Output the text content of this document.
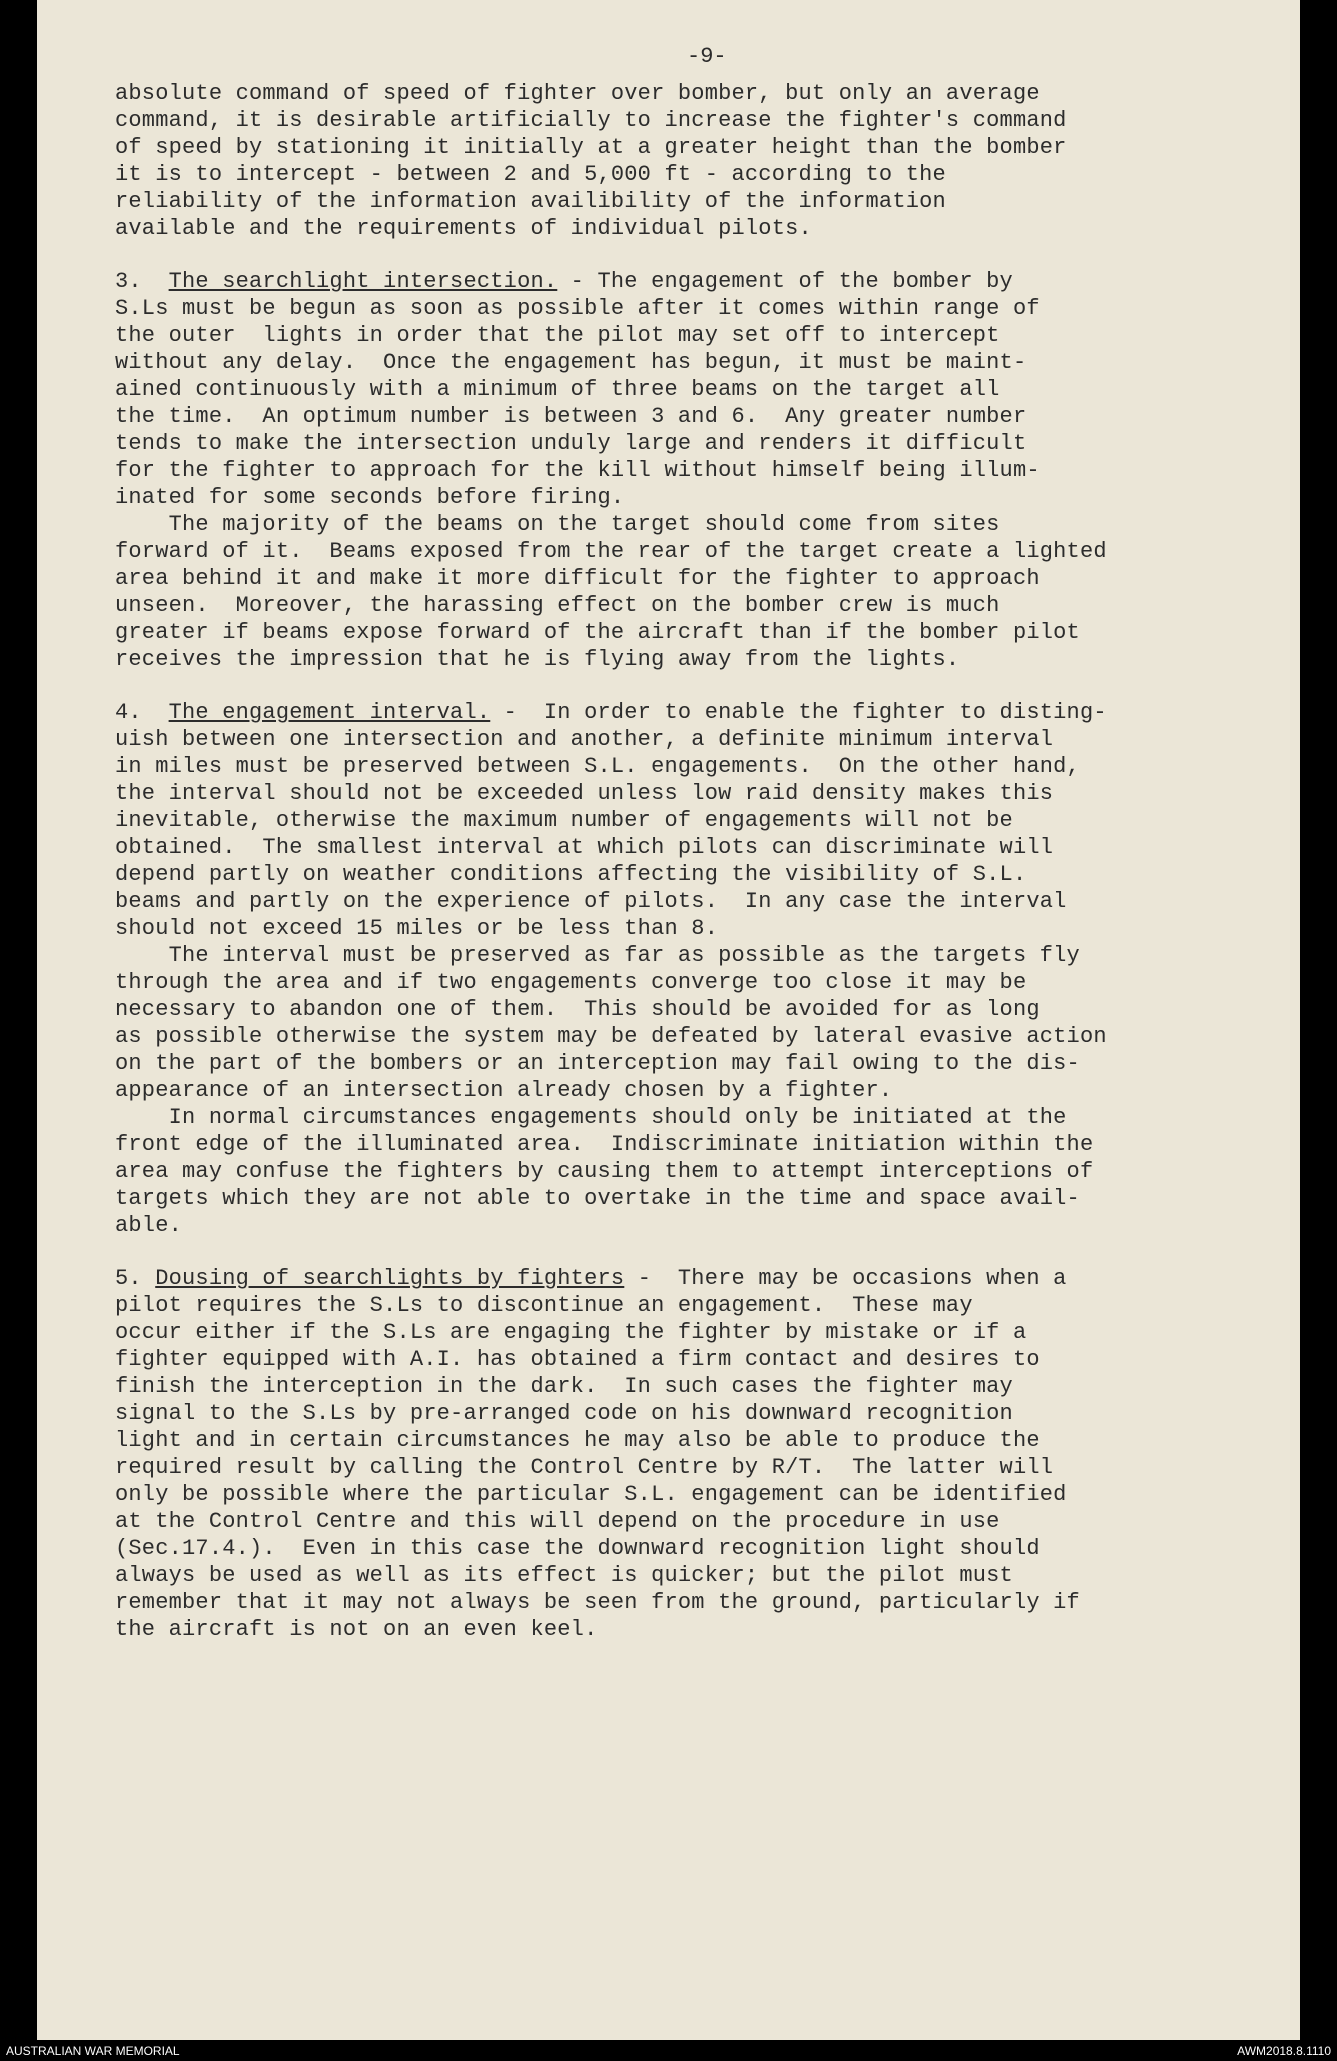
-9-
absolute command of speed of fighter over bomber, but only an average
command, it is desirable artificially to increase the fighter's command
of speed by stationing it initially at a greater height than the bomber
it is to intercept - between 2 and 5,000 ft - according to the
reliability of the information availibility of the information
available and the requirements of individual pilots.
3.  The searchlight intersection. - The engagement of the bomber by
S.Ls must be begun as soon as possible after it comes within range of
the outer  lights in order that the pilot may set off to intercept
without any delay.  Once the engagement has begun, it must be maint-
ained continuously with a minimum of three beams on the target all
the time.  An optimum number is between 3 and 6.  Any greater number
tends to make the intersection unduly large and renders it difficult
for the fighter to approach for the kill without himself being illum-
inated for some seconds before firing.
The majority of the beams on the target should come from sites
forward of it.  Beams exposed from the rear of the target create a lighted
area behind it and make it more difficult for the fighter to approach
unseen.  Moreover, the harassing effect on the bomber crew is much
greater if beams expose forward of the aircraft than if the bomber pilot
receives the impression that he is flying away from the lights.
4.  The engagement interval. -  In order to enable the fighter to disting-
uish between one intersection and another, a definite minimum interval
in miles must be preserved between S.L. engagements.  On the other hand,
the interval should not be exceeded unless low raid density makes this
inevitable, otherwise the maximum number of engagements will not be
obtained.  The smallest interval at which pilots can discriminate will
depend partly on weather conditions affecting the visibility of S.L.
beams and partly on the experience of pilots.  In any case the interval
should not exceed 15 miles or be less than 8.
The interval must be preserved as far as possible as the targets fly
through the area and if two engagements converge too close it may be
necessary to abandon one of them.  This should be avoided for as long
as possible otherwise the system may be defeated by lateral evasive action
on the part of the bombers or an interception may fail owing to the dis-
appearance of an intersection already chosen by a fighter.
In normal circumstances engagements should only be initiated at the
front edge of the illuminated area.  Indiscriminate initiation within the
area may confuse the fighters by causing them to attempt interceptions of
targets which they are not able to overtake in the time and space avail-
able.
5. Dousing of searchlights by fighters -  There may be occasions when a
pilot requires the S.Ls to discontinue an engagement.  These may
occur either if the S.Ls are engaging the fighter by mistake or if a
fighter equipped with A.I. has obtained a firm contact and desires to
finish the interception in the dark.  In such cases the fighter may
signal to the S.Ls by pre-arranged code on his downward recognition
light and in certain circumstances he may also be able to produce the
required result by calling the Control Centre by R/T.  The latter will
only be possible where the particular S.L. engagement can be identified
at the Control Centre and this will depend on the procedure in use
(Sec.17.4.).  Even in this case the downward recognition light should
always be used as well as its effect is quicker; but the pilot must
remember that it may not always be seen from the ground, particularly if
the aircraft is not on an even keel.
AUSTRALIAN WAR MEMORIAL	AWM2018.8.1110
